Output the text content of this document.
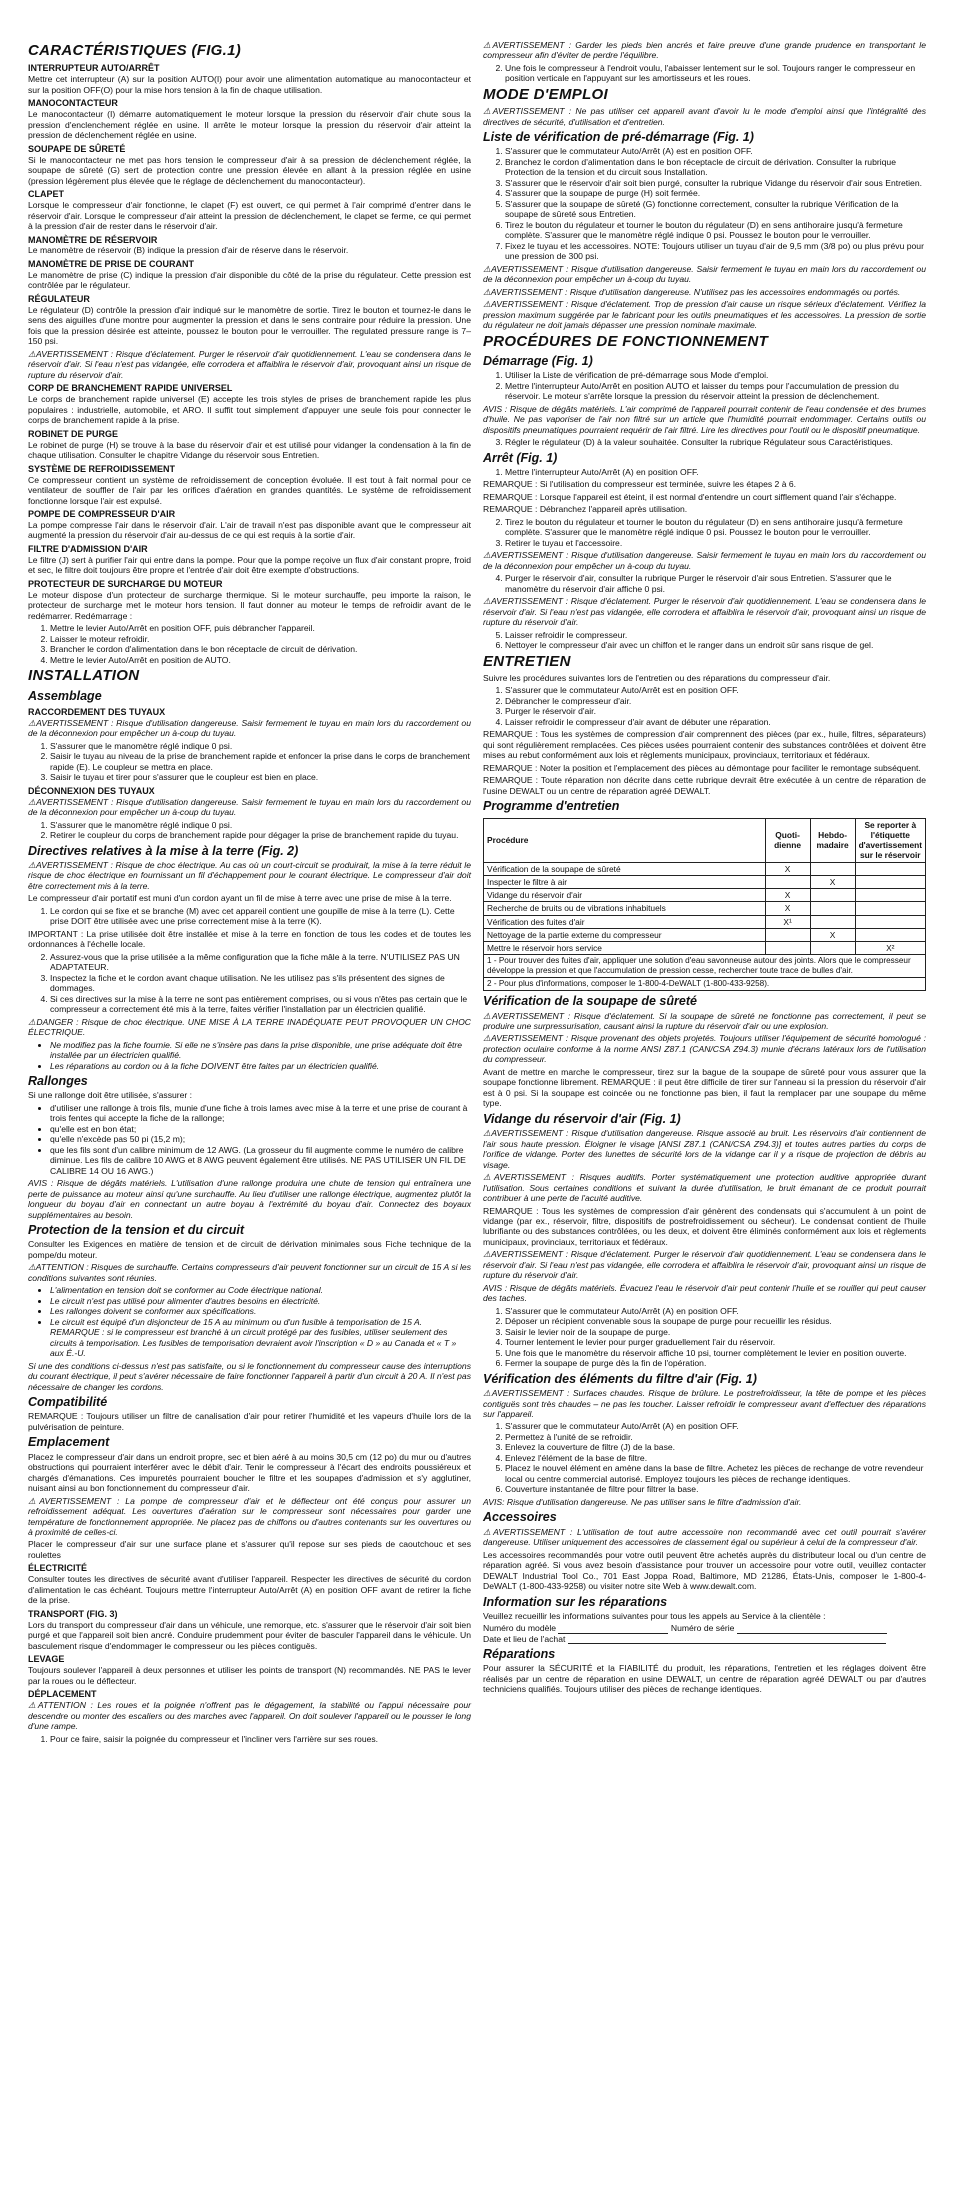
CARACTÉRISTIQUES (FIG.1)
INTERRUPTEUR AUTO/ARRÊT

Mettre cet interrupteur (A) sur la position AUTO(I) pour avoir une alimentation automatique au manocontacteur et sur la position OFF(O) pour la mise hors tension à la fin de chaque utilisation.

MANOCONTACTEUR

Le manocontacteur (I) démarre automatiquement le moteur lorsque la pression du réservoir d'air chute sous la pression d'enclenchement réglée en usine. Il arrête le moteur lorsque la pression du réservoir d'air atteint la pression de déclenchement réglée en usine.

SOUPAPE DE SÛRETÉ

Si le manocontacteur ne met pas hors tension le compresseur d'air à sa pression de déclenchement réglée, la soupape de sûreté (G) sert de protection contre une pression élevée en allant à la pression réglée en usine (pression légèrement plus élevée que le réglage de déclenchement du manocontacteur).

CLAPET

Lorsque le compresseur d'air fonctionne, le clapet (F) est ouvert, ce qui permet à l'air comprimé d'entrer dans le réservoir d'air. Lorsque le compresseur d'air atteint la pression de déclenchement, le clapet se ferme, ce qui permet à la pression d'air de rester dans le réservoir d'air.

MANOMÈTRE DE RÉSERVOIR

Le manomètre de réservoir (B) indique la pression d'air de réserve dans le réservoir.

MANOMÈTRE DE PRISE DE COURANT

Le manomètre de prise (C) indique la pression d'air disponible du côté de la prise du régulateur. Cette pression est contrôlée par le régulateur.

RÉGULATEUR

Le régulateur (D) contrôle la pression d'air indiqué sur le manomètre de sortie. Tirez le bouton et tournez-le dans le sens des aiguilles d'une montre pour augmenter la pression et dans le sens contraire pour réduire la pression. Une fois que la pression désirée est atteinte, poussez le bouton pour le verrouiller. The regulated pressure range is 7–150 psi.

⚠AVERTISSEMENT : Risque d'éclatement. Purger le réservoir d'air quotidiennement. L'eau se condensera dans le réservoir d'air. Si l'eau n'est pas vidangée, elle corrodera et affaiblira le réservoir d'air, provoquant ainsi un risque de rupture du réservoir d'air.

CORP DE BRANCHEMENT RAPIDE UNIVERSEL

Le corps de branchement rapide universel (E) accepte les trois styles de prises de branchement rapide les plus populaires : industrielle, automobile, et ARO. Il suffit tout simplement d'appuyer une seule fois pour connecter le corps de branchement rapide à la prise.

ROBINET DE PURGE

Le robinet de purge (H) se trouve à la base du réservoir d'air et est utilisé pour vidanger la condensation à la fin de chaque utilisation. Consulter le chapitre Vidange du réservoir sous Entretien.

SYSTÈME DE REFROIDISSEMENT

Ce compresseur contient un système de refroidissement de conception évoluée. Il est tout à fait normal pour ce ventilateur de souffler de l'air par les orifices d'aération en grandes quantités. Le système de refroidissement fonctionne lorsque l'air est expulsé.

POMPE DE COMPRESSEUR D'AIR

La pompe compresse l'air dans le réservoir d'air. L'air de travail n'est pas disponible avant que le compresseur ait augmenté la pression du réservoir d'air au-dessus de ce qui est requis à la sortie d'air.

FILTRE D'ADMISSION D'AIR

Le filtre (J) sert à purifier l'air qui entre dans la pompe. Pour que la pompe reçoive un flux d'air constant propre, froid et sec, le filtre doit toujours être propre et l'entrée d'air doit être exempte d'obstructions.

PROTECTEUR DE SURCHARGE DU MOTEUR

Le moteur dispose d'un protecteur de surcharge thermique. Si le moteur surchauffe, peu importe la raison, le protecteur de surcharge met le moteur hors tension. Il faut donner au moteur le temps de refroidir avant de le redémarrer. Redémarrage :

1. Mettre le levier Auto/Arrêt en position OFF, puis débrancher l'appareil.
2. Laisser le moteur refroidir.
3. Brancher le cordon d'alimentation dans le bon réceptacle de circuit de dérivation.
4. Mettre le levier Auto/Arrêt en position de AUTO.
INSTALLATION
Assemblage
RACCORDEMENT DES TUYAUX

⚠AVERTISSEMENT : Risque d'utilisation dangereuse. Saisir fermement le tuyau en main lors du raccordement ou de la déconnexion pour empêcher un à-coup du tuyau.

1. S'assurer que le manomètre réglé indique 0 psi.
2. Saisir le tuyau au niveau de la prise de branchement rapide et enfoncer la prise dans le corps de branchement rapide (E). Le coupleur se mettra en place.
3. Saisir le tuyau et tirer pour s'assurer que le coupleur est bien en place.
DÉCONNEXION DES TUYAUX

⚠AVERTISSEMENT : Risque d'utilisation dangereuse. Saisir fermement le tuyau en main lors du raccordement ou de la déconnexion pour empêcher un à-coup du tuyau.

1. S'assurer que le manomètre réglé indique 0 psi.
2. Retirer le coupleur du corps de branchement rapide pour dégager la prise de branchement rapide du tuyau.
Directives relatives à la mise à la terre (Fig. 2)

⚠AVERTISSEMENT : Risque de choc électrique. Au cas où un court-circuit se produirait, la mise à la terre réduit le risque de choc électrique en fournissant un fil d'échappement pour le courant électrique. Le compresseur d'air doit être correctement mis à la terre.

Le compresseur d'air portatif est muni d'un cordon ayant un fil de mise à terre avec une prise de mise à la terre.

1. Le cordon qui se fixe et se branche (M) avec cet appareil contient une goupille de mise à la terre (L). Cette prise DOIT être utilisée avec une prise correctement mise à la terre (K).

IMPORTANT : La prise utilisée doit être installée et mise à la terre en fonction de tous les codes et de toutes les ordonnances à l'échelle locale.

2. Assurez-vous que la prise utilisée a la même configuration que la fiche mâle à la terre. N'UTILISEZ PAS UN ADAPTATEUR.
3. Inspectez la fiche et le cordon avant chaque utilisation. Ne les utilisez pas s'ils présentent des signes de dommages.
4. Si ces directives sur la mise à la terre ne sont pas entièrement comprises, ou si vous n'êtes pas certain que le compresseur a correctement été mis à la terre, faites vérifier l'installation par un électricien qualifié.

⚠DANGER : Risque de choc électrique. UNE MISE À LA TERRE INADÉQUATE PEUT PROVOQUER UN CHOC ÉLECTRIQUE.

• Ne modifiez pas la fiche fournie. Si elle ne s'insère pas dans la prise disponible, une prise adéquate doit être installée par un électricien qualifié.
• Les réparations au cordon ou à la fiche DOIVENT être faites par un électricien qualifié.
Rallonges

Si une rallonge doit être utilisée, s'assurer :

• d'utiliser une rallonge à trois fils, munie d'une fiche à trois lames avec mise à la terre et une prise de courant à trois fentes qui accepte la fiche de la rallonge;
• qu'elle est en bon état;
• qu'elle n'excède pas 50 pi (15,2 m);
• que les fils sont d'un calibre minimum de 12 AWG. (La grosseur du fil augmente comme le numéro de calibre diminue. Les fils de calibre 10 AWG et 8 AWG peuvent également être utilisés. NE PAS UTILISER UN FIL DE CALIBRE 14 OU 16 AWG.)

AVIS : Risque de dégâts matériels. L'utilisation d'une rallonge produira une chute de tension qui entraînera une perte de puissance au moteur ainsi qu'une surchauffe. Au lieu d'utiliser une rallonge électrique, augmentez plutôt la longueur du boyau d'air en connectant un autre boyau à l'extrémité du boyau d'air. Connectez des boyaux supplémentaires au besoin.

Protection de la tension et du circuit

Consulter les Exigences en matière de tension et de circuit de dérivation minimales sous Fiche technique de la pompe/du moteur.

⚠ATTENTION : Risques de surchauffe. Certains compresseurs d'air peuvent fonctionner sur un circuit de 15 A si les conditions suivantes sont réunies.

• L'alimentation en tension doit se conformer au Code électrique national.
• Le circuit n'est pas utilisé pour alimenter d'autres besoins en électricité.
• Les rallonges doivent se conformer aux spécifications.
• Le circuit est équipé d'un disjoncteur de 15 A au minimum ou d'un fusible à temporisation de 15 A. REMARQUE : si le compresseur est branché à un circuit protégé par des fusibles, utiliser seulement des circuits à temporisation. Les fusibles de temporisation devraient avoir l'inscription « D » au Canada et « T » aux É.-U.

Si une des conditions ci-dessus n'est pas satisfaite, ou si le fonctionnement du compresseur cause des interruptions du courant électrique, il peut s'avérer nécessaire de faire fonctionner l'appareil à partir d'un circuit à 20 A. Il n'est pas nécessaire de changer les cordons.

Compatibilité

REMARQUE : Toujours utiliser un filtre de canalisation d'air pour retirer l'humidité et les vapeurs d'huile lors de la pulvérisation de peinture.

Emplacement

Placez le compresseur d'air dans un endroit propre, sec et bien aéré à au moins 30,5 cm (12 po) du mur ou d'autres obstructions qui pourraient interférer avec le débit d'air. Tenir le compresseur à l'écart des endroits poussiéreux et chargés d'émanations. Ces impuretés pourraient boucher le filtre et les soupapes d'admission et s'y agglutiner, nuisant ainsi au bon fonctionnement du compresseur d'air.

⚠AVERTISSEMENT : La pompe de compresseur d'air et le déflecteur ont été conçus pour assurer un refroidissement adéquat. Les ouvertures d'aération sur le compresseur sont nécessaires pour garder une température de fonctionnement appropriée. Ne placez pas de chiffons ou d'autres contenants sur les ouvertures ou à proximité de celles-ci.

Placer le compresseur d'air sur une surface plane et s'assurer qu'il repose sur ses pieds de caoutchouc et ses roulettes

ÉLECTRICITÉ

Consulter toutes les directives de sécurité avant d'utiliser l'appareil. Respecter les directives de sécurité du cordon d'alimentation le cas échéant. Toujours mettre l'interrupteur Auto/Arrêt (A) en position OFF avant de retirer la fiche de la prise.

TRANSPORT (FIG. 3)

Lors du transport du compresseur d'air dans un véhicule, une remorque, etc. s'assurer que le réservoir d'air soit bien purgé et que l'appareil soit bien ancré. Conduire prudemment pour éviter de basculer l'appareil dans le véhicule. Un basculement risque d'endommager le compresseur ou les pièces contiguës.

LEVAGE

Toujours soulever l'appareil à deux personnes et utiliser les points de transport (N) recommandés. NE PAS le lever par la roues ou le déflecteur.

DÉPLACEMENT

⚠ATTENTION : Les roues et la poignée n'offrent pas le dégagement, la stabilité ou l'appui nécessaire pour descendre ou monter des escaliers ou des marches avec l'appareil. On doit soulever l'appareil ou le pousser le long d'une rampe.

1. Pour ce faire, saisir la poignée du compresseur et l'incliner vers l'arrière sur ses roues.

⚠AVERTISSEMENT : Garder les pieds bien ancrés et faire preuve d'une grande prudence en transportant le compresseur afin d'éviter de perdre l'équilibre.

2. Une fois le compresseur à l'endroit voulu, l'abaisser lentement sur le sol. Toujours ranger le compresseur en position verticale en l'appuyant sur les amortisseurs et les roues.
MODE D'EMPLOI

⚠AVERTISSEMENT : Ne pas utiliser cet appareil avant d'avoir lu le mode d'emploi ainsi que l'intégralité des directives de sécurité, d'utilisation et d'entretien.

Liste de vérification de pré-démarrage (Fig. 1)
1. S'assurer que le commutateur Auto/Arrêt (A) est en position OFF.
2. Branchez le cordon d'alimentation dans le bon réceptacle de circuit de dérivation. Consulter la rubrique Protection de la tension et du circuit sous Installation.
3. S'assurer que le réservoir d'air soit bien purgé, consulter la rubrique Vidange du réservoir d'air sous Entretien.
4. S'assurer que la soupape de purge (H) soit fermée.
5. S'assurer que la soupape de sûreté (G) fonctionne correctement, consulter la rubrique Vérification de la soupape de sûreté sous Entretien.
6. Tirez le bouton du régulateur et tourner le bouton du régulateur (D) en sens antihoraire jusqu'à fermeture complète. S'assurer que le manomètre réglé indique 0 psi. Poussez le bouton pour le verrouiller.
7. Fixez le tuyau et les accessoires. NOTE: Toujours utiliser un tuyau d'air de 9,5 mm (3/8 po) ou plus prévu pour une pression de 300 psi.

⚠AVERTISSEMENT : Risque d'utilisation dangereuse. Saisir fermement le tuyau en main lors du raccordement ou de la déconnexion pour empêcher un à-coup du tuyau.

⚠AVERTISSEMENT : Risque d'utilisation dangereuse. N'utilisez pas les accessoires endommagés ou portés.

⚠AVERTISSEMENT : Risque d'éclatement. Trop de pression d'air cause un risque sérieux d'éclatement. Vérifiez la pression maximum suggérée par le fabricant pour les outils pneumatiques et les accessoires. La pression de sortie du régulateur ne doit jamais dépasser une pression nominale maximale.

PROCÉDURES DE FONCTIONNEMENT
Démarrage (Fig. 1)
1. Utiliser la Liste de vérification de pré-démarrage sous Mode d'emploi.
2. Mettre l'interrupteur Auto/Arrêt en position AUTO et laisser du temps pour l'accumulation de pression du réservoir. Le moteur s'arrête lorsque la pression du réservoir atteint la pression de déclenchement.

AVIS : Risque de dégâts matériels. L'air comprimé de l'appareil pourrait contenir de l'eau condensée et des brumes d'huile. Ne pas vaporiser de l'air non filtré sur un article que l'humidité pourrait endommager. Certains outils ou dispositifs pneumatiques pourraient requérir de l'air filtré. Lire les directives pour l'outil ou le dispositif pneumatique.

3. Régler le régulateur (D) à la valeur souhaitée. Consulter la rubrique Régulateur sous Caractéristiques.
Arrêt (Fig. 1)
1. Mettre l'interrupteur Auto/Arrêt (A) en position OFF.

REMARQUE : Si l'utilisation du compresseur est terminée, suivre les étapes 2 à 6.

REMARQUE : Lorsque l'appareil est éteint, il est normal d'entendre un court sifflement quand l'air s'échappe.

REMARQUE : Débranchez l'appareil après utilisation.

2. Tirez le bouton du régulateur et tourner le bouton du régulateur (D) en sens antihoraire jusqu'à fermeture complète. S'assurer que le manomètre réglé indique 0 psi. Poussez le bouton pour le verrouiller.
3. Retirer le tuyau et l'accessoire.

⚠AVERTISSEMENT : Risque d'utilisation dangereuse. Saisir fermement le tuyau en main lors du raccordement ou de la déconnexion pour empêcher un à-coup du tuyau.

4. Purger le réservoir d'air, consulter la rubrique Purger le réservoir d'air sous Entretien. S'assurer que le manomètre du réservoir d'air affiche 0 psi.

⚠AVERTISSEMENT : Risque d'éclatement. Purger le réservoir d'air quotidiennement. L'eau se condensera dans le réservoir d'air. Si l'eau n'est pas vidangée, elle corrodera et affaiblira le réservoir d'air, provoquant ainsi un risque de rupture du réservoir d'air.

5. Laisser refroidir le compresseur.
6. Nettoyer le compresseur d'air avec un chiffon et le ranger dans un endroit sûr sans risque de gel.
ENTRETIEN

Suivre les procédures suivantes lors de l'entretien ou des réparations du compresseur d'air.

1. S'assurer que le commutateur Auto/Arrêt est en position OFF.
2. Débrancher le compresseur d'air.
3. Purger le réservoir d'air.
4. Laisser refroidir le compresseur d'air avant de débuter une réparation.

REMARQUE : Tous les systèmes de compression d'air comprennent des pièces (par ex., huile, filtres, séparateurs) qui sont régulièrement remplacées. Ces pièces usées pourraient contenir des substances contrôlées et doivent être mises au rebut conformément aux lois et règlements municipaux, provinciaux, territoriaux et fédéraux.

REMARQUE : Noter la position et l'emplacement des pièces au démontage pour faciliter le remontage subséquent.

REMARQUE : Toute réparation non décrite dans cette rubrique devrait être exécutée à un centre de réparation de l'usine DEWALT ou un centre de réparation agréé DEWALT.

Programme d'entretien
Procédure	Quoti-dienne	Hebdo-madaire	Se reporter à l'étiquette d'avertissement sur le réservoir
Vérification de la soupape de sûreté	X		
Inspecter le filtre à air		X	
Vidange du réservoir d'air	X		
Recherche de bruits ou de vibrations inhabituels	X		
Vérification des fuites d'air	X¹		
Nettoyage de la partie externe du compresseur		X	
Mettre le réservoir hors service			X²
1 - Pour trouver des fuites d'air, appliquer une solution d'eau savonneuse autour des joints. Alors que le compresseur développe la pression et que l'accumulation de pression cesse, rechercher toute trace de bulles d'air.			
2 - Pour plus d'informations, composer le 1-800-4-DeWALT (1-800-433-9258).			
Vérification de la soupape de sûreté

⚠AVERTISSEMENT : Risque d'éclatement. Si la soupape de sûreté ne fonctionne pas correctement, il peut se produire une surpressurisation, causant ainsi la rupture du réservoir d'air ou une explosion.

⚠AVERTISSEMENT : Risque provenant des objets projetés. Toujours utiliser l'équipement de sécurité homologué : protection oculaire conforme à la norme ANSI Z87.1 (CAN/CSA Z94.3) munie d'écrans latéraux lors de l'utilisation du compresseur.

Avant de mettre en marche le compresseur, tirez sur la bague de la soupape de sûreté pour vous assurer que la soupape fonctionne librement. REMARQUE : il peut être difficile de tirer sur l'anneau si la pression du réservoir d'air est à 0 psi. Si la soupape est coincée ou ne fonctionne pas bien, il faut la remplacer par une soupape du même type.

Vidange du réservoir d'air (Fig. 1)

⚠AVERTISSEMENT : Risque d'utilisation dangereuse. Risque associé au bruit. Les réservoirs d'air contiennent de l'air sous haute pression. Éloigner le visage [ANSI Z87.1 (CAN/CSA Z94.3)] et toutes autres parties du corps de l'orifice de vidange. Porter des lunettes de sécurité lors de la vidange car il y a risque de projection de débris au visage.

⚠AVERTISSEMENT : Risques auditifs. Porter systématiquement une protection auditive appropriée durant l'utilisation. Sous certaines conditions et suivant la durée d'utilisation, le bruit émanant de ce produit pourrait contribuer à une perte de l'acuité auditive.

REMARQUE : Tous les systèmes de compression d'air génèrent des condensats qui s'accumulent à un point de vidange (par ex., réservoir, filtre, dispositifs de postrefroidissement ou sécheur). Le condensat contient de l'huile lubrifiante ou des substances contrôlées, ou les deux, et doivent être éliminés conformément aux lois et règlements municipaux, provinciaux, territoriaux et fédéraux.

⚠AVERTISSEMENT : Risque d'éclatement. Purger le réservoir d'air quotidiennement. L'eau se condensera dans le réservoir d'air. Si l'eau n'est pas vidangée, elle corrodera et affaiblira le réservoir d'air, provoquant ainsi un risque de rupture du réservoir d'air.

AVIS : Risque de dégâts matériels. Évacuez l'eau le réservoir d'air peut contenir l'huile et se rouiller qui peut causer des taches.

1. S'assurer que le commutateur Auto/Arrêt (A) en position OFF.
2. Déposer un récipient convenable sous la soupape de purge pour recueillir les résidus.
3. Saisir le levier noir de la soupape de purge.
4. Tourner lentement le levier pour purger graduellement l'air du réservoir.
5. Une fois que le manomètre du réservoir affiche 10 psi, tourner complètement le levier en position ouverte.
6. Fermer la soupape de purge dès la fin de l'opération.
Vérification des éléments du filtre d'air (Fig. 1)

⚠AVERTISSEMENT : Surfaces chaudes. Risque de brûlure. Le postrefroidisseur, la tête de pompe et les pièces contiguës sont très chaudes – ne pas les toucher. Laisser refroidir le compresseur avant d'effectuer des réparations sur l'appareil.

1. S'assurer que le commutateur Auto/Arrêt (A) en position OFF.
2. Permettez à l'unité de se refroidir.
3. Enlevez la couverture de filtre (J) de la base.
4. Enlevez l'élément de la base de filtre.
5. Placez le nouvel élément en amène dans la base de filtre. Achetez les pièces de rechange de votre revendeur local ou centre commercial autorisé. Employez toujours les pièces de rechange identiques.
6. Couverture instantanée de filtre pour filtrer la base.

AVIS: Risque d'utilisation dangereuse. Ne pas utiliser sans le filtre d'admission d'air.

Accessoires

⚠AVERTISSEMENT : L'utilisation de tout autre accessoire non recommandé avec cet outil pourrait s'avérer dangereuse. Utiliser uniquement des accessoires de classement égal ou supérieur à celui de la compresseur d'air.

Les accessoires recommandés pour votre outil peuvent être achetés auprès du distributeur local ou d'un centre de réparation agréé. Si vous avez besoin d'assistance pour trouver un accessoire pour votre outil, veuillez contacter DEWALT Industrial Tool Co., 701 East Joppa Road, Baltimore, MD 21286, États-Unis, composer le 1-800-4-DeWALT (1-800-433-9258) ou visiter notre site Web à www.dewalt.com.

Information sur les réparations

Veuillez recueillir les informations suivantes pour tous les appels au Service à la clientèle :

Numéro du modèle	Numéro de série
Date et lieu de l'achat
Réparations

Pour assurer la SÉCURITÉ et la FIABILITÉ du produit, les réparations, l'entretien et les réglages doivent être réalisés par un centre de réparation en usine DEWALT, un centre de réparation agréé DEWALT ou par d'autres techniciens qualifiés. Toujours utiliser des pièces de rechange identiques.
